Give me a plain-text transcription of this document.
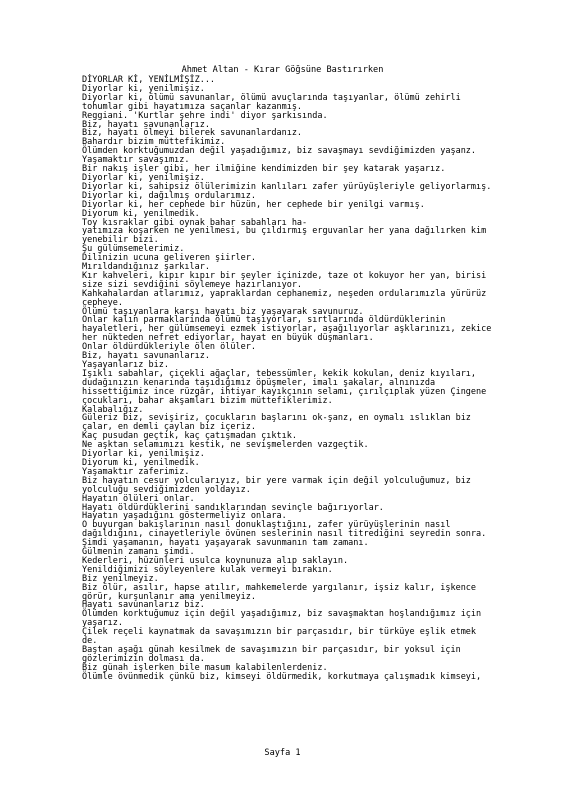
Ahmet Altan - Kırar Göğsüne Bastırırken
DİYORLAR Kİ, YENİLMİŞİZ...
Diyorlar ki, yenilmişiz.
Diyorlar ki, ölümü savunanlar, ölümü avuçlarında taşıyanlar, ölümü zehirli
tohumlar gibi hayatımıza saçanlar kazanmış.
Reggiani. 'Kurtlar şehre indi' diyor şarkısında.
Biz, hayatı savunanlarız.
Biz, hayatı ölmeyi bilerek savunanlardanız.
Bahardır bizim müttefikimiz.
Ölümden korktuğumuzdan değil yaşadığımız, biz savaşmayı sevdiğimizden yaşanz.
Yaşamaktır savaşımız.
Bir nakış işler gibi, her ilmiğine kendimizden bir şey katarak yaşarız.
Diyorlar ki, yenilmişiz.
Diyorlar ki, sahipsiz ölülerimizin kanlıları zafer yürüyüşleriyle geliyorlarmış.
Diyorlar ki, dağılmış ordularımız.
Diyorlar ki, her cephede bir hüzün, her cephede bir yenilgi varmış.
Diyorum ki, yenilmedik.
Toy kısraklar gibi oynak bahar sabahları ha-
yatımıza koşarken ne yenilmesi, bu çıldırmış erguvanlar her yana dağılırken kim
yenebilir bizi.
Şu gülümsemelerimiz.
Dilinizin ucuna geliveren şiirler.
Mırıldandığınız şarkılar.
Kır kahveleri, kıpır kıpır bir şeyler içinizde, taze ot kokuyor her yan, birisi
size sizi sevdiğini söylemeye hazırlanıyor.
Kahkahalardan atlarımız, yapraklardan cephanemiz, neşeden ordularımızla yürürüz
cepheye.
Ölümü taşıyanlara karşı hayatı biz yaşayarak savunuruz.
Onlar kalın parmaklarında ölümü taşıyorlar, sırtlarında öldürdüklerinin
hayaletleri, her gülümsemeyi ezmek istiyorlar, aşağılıyorlar aşklarınızı, zekice
her nükteden nefret ediyorlar, hayat en büyük düşmanları.
Onlar öldürdükleriyle ölen ölüler.
Biz, hayatı savunanlarız.
Yaşayanlarız biz.
Işıklı sabahlar, çiçekli ağaçlar, tebessümler, kekik kokulan, deniz kıyıları,
dudağınızın kenarında taşıdığımız öpüşmeler, imalı şakalar, alnınızda
hissettiğimiz ince rüzgâr, ihtiyar kayıkçının selamı, çırılçıplak yüzen Çingene
çocukları, bahar akşamları bizim müttefiklerimiz.
Kalabalığız.
Güleriz biz, sevişiriz, çocukların başlarını ok-şanz, en oymalı ıslıklan biz
çalar, en demli çaylan biz içeriz.
Kaç pusudan geçtik, kaç çatışmadan çıktık.
Ne aşktan selamımızı kestik, ne sevişmelerden vazgeçtik.
Diyorlar ki, yenilmişiz.
Diyorum ki, yenilmedik.
Yaşamaktır zaferimiz.
Biz hayatın cesur yolcularıyız, bir yere varmak için değil yolculuğumuz, biz
yolculuğu sevdiğimizden yoldayız.
Hayatın ölüleri onlar.
Hayatı öldürdüklerini sandıklarından sevinçle bağırıyorlar.
Hayatın yaşadığını göstermeliyiz onlara.
O buyurgan bakışlarının nasıl donuklaştığını, zafer yürüyüşlerinin nasıl
dağıldığını, cinayetleriyle övünen seslerinin nasıl titrediğini seyredin sonra.
Şimdi yaşamanın, hayatı yaşayarak savunmanın tam zamanı.
Gülmenin zamanı şimdi.
Kederleri, hüzünleri usulca koynunuza alıp saklayın.
Yenildiğimizi söyleyenlere kulak vermeyi bırakın.
Biz yenilmeyiz.
Biz ölür, asılır, hapse atılır, mahkemelerde yargılanır, işsiz kalır, işkence
görür, kurşunlanır ama yenilmeyiz.
Hayatı savunanlarız biz.
Ölümden korktuğumuz için değil yaşadığımız, biz savaşmaktan hoşlandığımız için
yaşarız.
Çilek reçeli kaynatmak da savaşımızın bir parçasıdır, bir türküye eşlik etmek
de.
Baştan aşağı günah kesilmek de savaşımızın bir parçasıdır, bir yoksul için
gözlerimizin dolması da.
Biz günah işlerken bile masum kalabilenlerdeniz.
Ölümle övünmedik çünkü biz, kimseyi öldürmedik, korkutmaya çalışmadık kimseyi,
Sayfa 1
